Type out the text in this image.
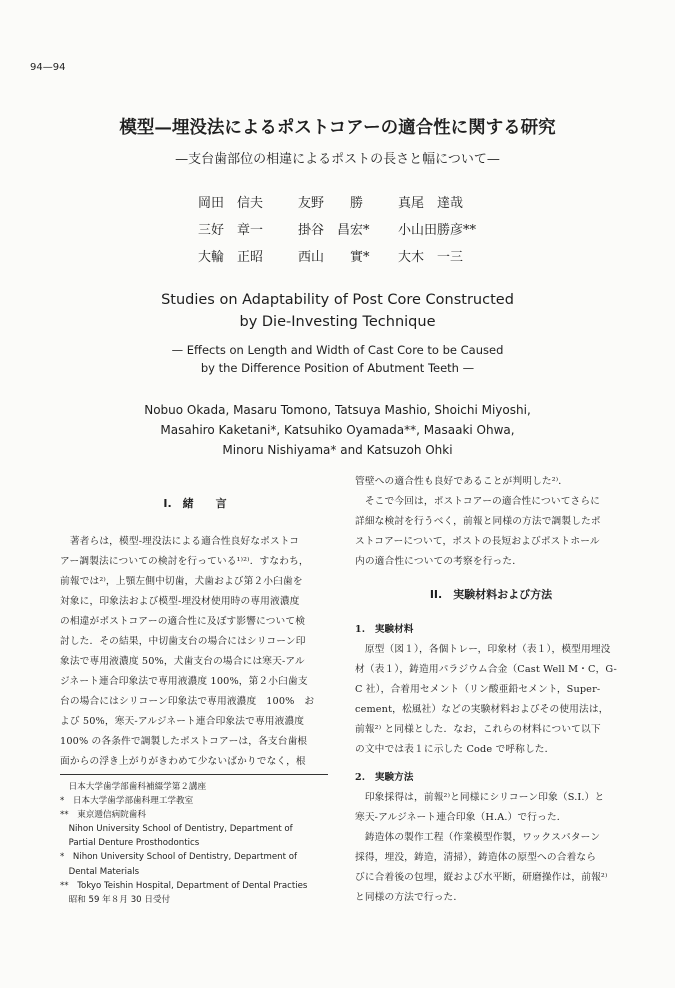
94—94
模型—埋没法によるポストコアーの適合性に関する研究
—支台歯部位の相違によるポストの長さと幅について—
岡田　信夫	友野　　勝	真尾　達哉
三好　章一	掛谷　昌宏*	小山田勝彦**
大輪　正昭	西山　　實*	大木　一三
Studies on Adaptability of Post Core Constructed
by Die-Investing Technique
— Effects on Length and Width of Cast Core to be Caused
by the Difference Position of Abutment Teeth —
Nobuo Okada, Masaru Tomono, Tatsuya Mashio, Shoichi Miyoshi,
Masahiro Kaketani*, Katsuhiko Oyamada**, Masaaki Ohwa,
Minoru Nishiyama* and Katsuzoh Ohki
I.　緒　　言
　著者らは，模型-埋没法による適合性良好なポストコ
アー調製法についての検討を行っている¹⁾²⁾．すなわち，
前報では²⁾，上顎左側中切歯，犬歯および第２小臼歯を
対象に，印象法および模型-埋没材使用時の専用液濃度
の相違がポストコアーの適合性に及ぼす影響について検
討した．その結果，中切歯支台の場合にはシリコーン印
象法で専用液濃度 50%，犬歯支台の場合には寒天-アル
ジネート連合印象法で専用液濃度 100%，第２小臼歯支
台の場合にはシリコーン印象法で専用液濃度　100%　お
よび 50%，寒天-アルジネート連合印象法で専用液濃度
100% の各条件で調製したポストコアーは，各支台歯根
面からの浮き上がりがきわめて少ないばかりでなく，根
　日本大学歯学部歯科補綴学第２講座
*　日本大学歯学部歯科理工学教室
**　東京逓信病院歯科
　Nihon University School of Dentistry, Department of
　Partial Denture Prosthodontics
*　Nihon University School of Dentistry, Department of
　Dental Materials
**　Tokyo Teishin Hospital, Department of Dental Practies
　昭和 59 年８月 30 日受付
管壁への適合性も良好であることが判明した²⁾．
　そこで今回は，ポストコアーの適合性についてさらに
詳細な検討を行うべく，前報と同様の方法で調製したポ
ストコアーについて，ポストの長短およびポストホール
内の適合性についての考察を行った．
II.　実験材料および方法
1.　実験材料
　原型（図１），各個トレー，印象材（表１），模型用埋没
材（表１），鋳造用パラジウム合金（Cast Well M・C，G-
C 社），合着用セメント（リン酸亜鉛セメント，Super-
cement，松風社）などの実験材料およびその使用法は，
前報²⁾ と同様とした．なお，これらの材料について以下
の文中では表１に示した Code で呼称した．
2.　実験方法
　印象採得は，前報²⁾と同様にシリコーン印象（S.I.）と
寒天-アルジネート連合印象（H.A.）で行った．
　鋳造体の製作工程（作業模型作製，ワックスパターン
採得，埋没，鋳造，清掃），鋳造体の原型への合着なら
びに合着後の包埋，縦および水平断，研磨操作は，前報²⁾
と同様の方法で行った．
